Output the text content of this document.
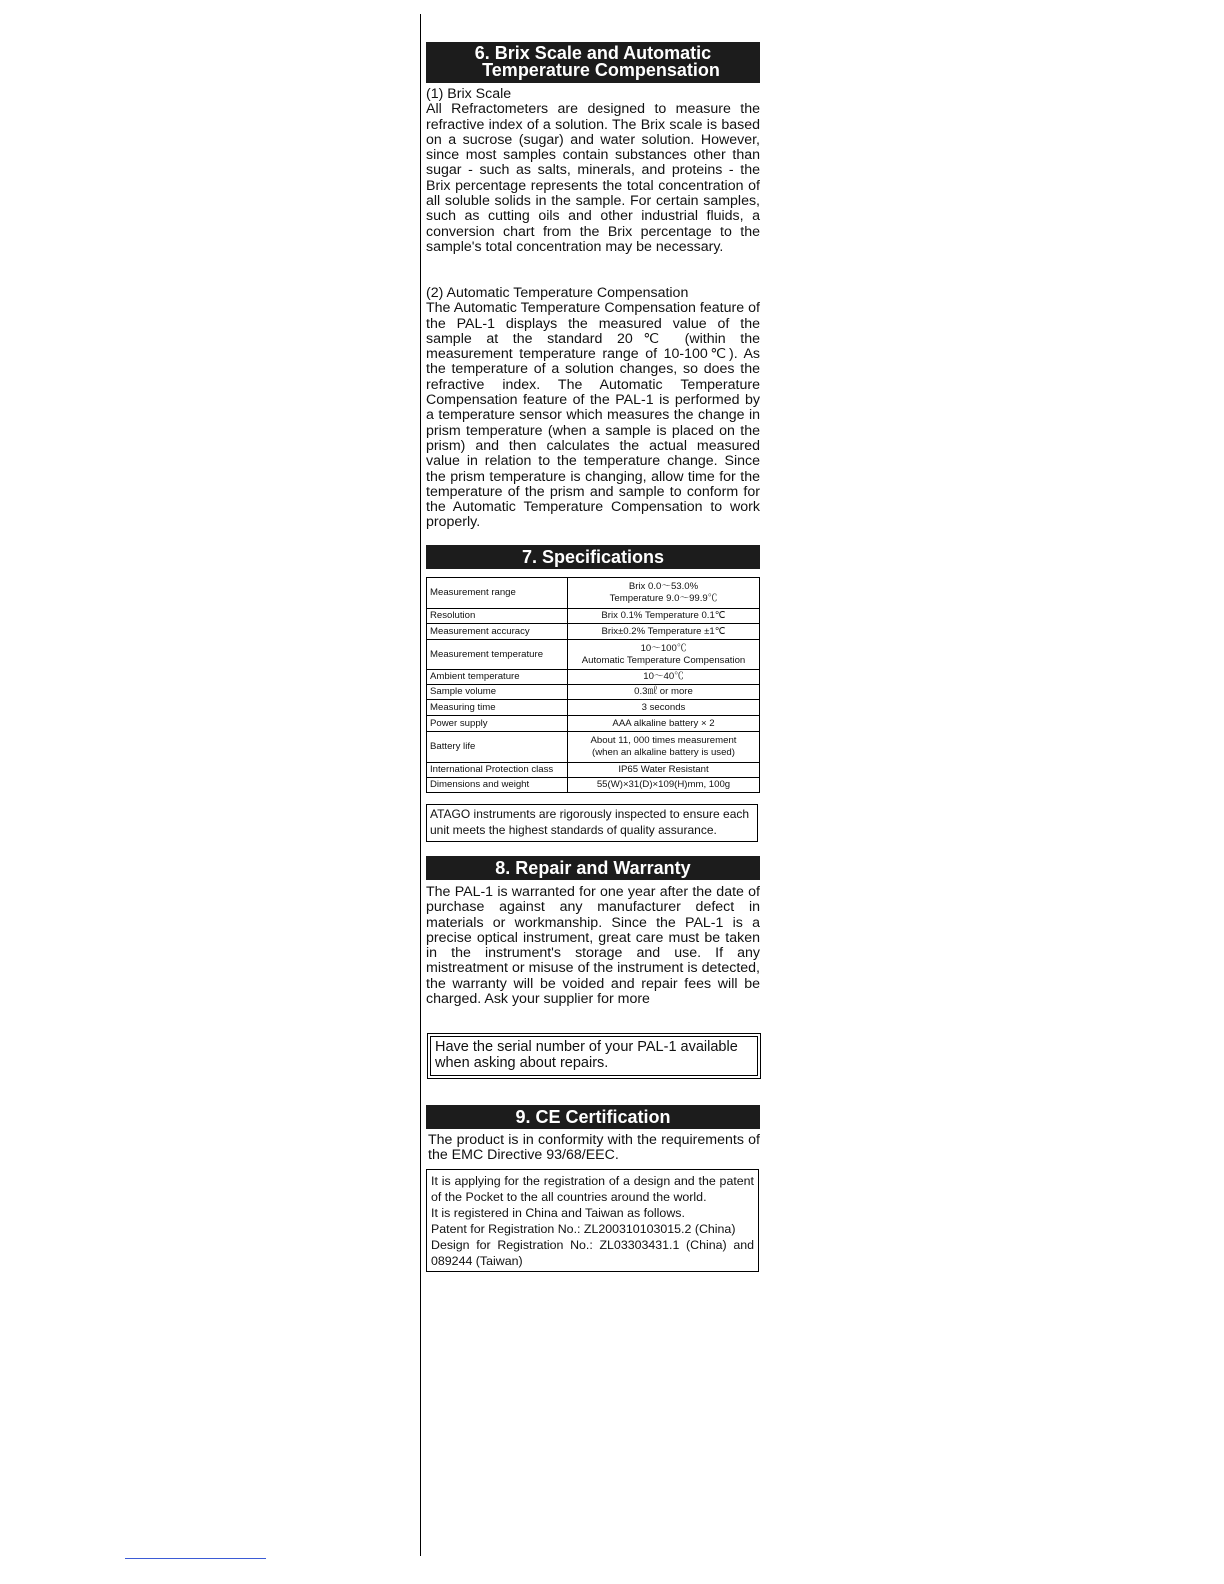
6. Brix Scale and Automatic
Temperature Compensation

(1) Brix Scale

All Refractometers are designed to measure the refractive index of a solution. The Brix scale is based on a sucrose (sugar) and water solution. However, since most samples contain substances other than sugar - such as salts, minerals, and proteins - the Brix percentage represents the total concentration of all soluble solids in the sample. For certain samples, such as cutting oils and other industrial fluids, a conversion chart from the Brix percentage to the sample's total concentration may be necessary.

(2) Automatic Temperature Compensation

The Automatic Temperature Compensation feature of the PAL-1 displays the measured value of the sample at the standard 20℃ (within the measurement temperature range of 10-100℃). As the temperature of a solution changes, so does the refractive index. The Automatic Temperature Compensation feature of the PAL-1 is performed by a temperature sensor which measures the change in prism temperature (when a sample is placed on the prism) and then calculates the actual measured value in relation to the temperature change. Since the prism temperature is changing, allow time for the temperature of the prism and sample to conform for the Automatic Temperature Compensation to work properly.

7. Specifications
Measurement range	Brix 0.0～53.0%
Temperature 9.0～99.9℃
Resolution	Brix 0.1% Temperature 0.1℃
Measurement accuracy	Brix±0.2% Temperature ±1℃
Measurement temperature	10～100℃
Automatic Temperature Compensation
Ambient temperature	10～40℃
Sample volume	0.3㎖ or more
Measuring time	3 seconds
Power supply	AAA alkaline battery × 2
Battery life	About 11, 000 times measurement
(when an alkaline battery is used)
International Protection class	IP65 Water Resistant
Dimensions and weight	55(W)×31(D)×109(H)mm, 100g
ATAGO instruments are rigorously inspected to ensure each unit meets the highest standards of quality assurance.
8. Repair and Warranty

The PAL-1 is warranted for one year after the date of purchase against any manufacturer defect in materials or workmanship. Since the PAL-1 is a precise optical instrument, great care must be taken in the instrument's storage and use. If any mistreatment or misuse of the instrument is detected, the warranty will be voided and repair fees will be charged. Ask your supplier for more

Have the serial number of your PAL-1 available when asking about repairs.
9. CE Certification

The product is in conformity with the requirements of the EMC Directive 93/68/EEC.

It is applying for the registration of a design and the patent of the Pocket to the all countries around the world.
It is registered in China and Taiwan as follows.
Patent for Registration No.: ZL200310103015.2 (China)
Design for Registration No.: ZL03303431.1 (China) and 089244 (Taiwan)
